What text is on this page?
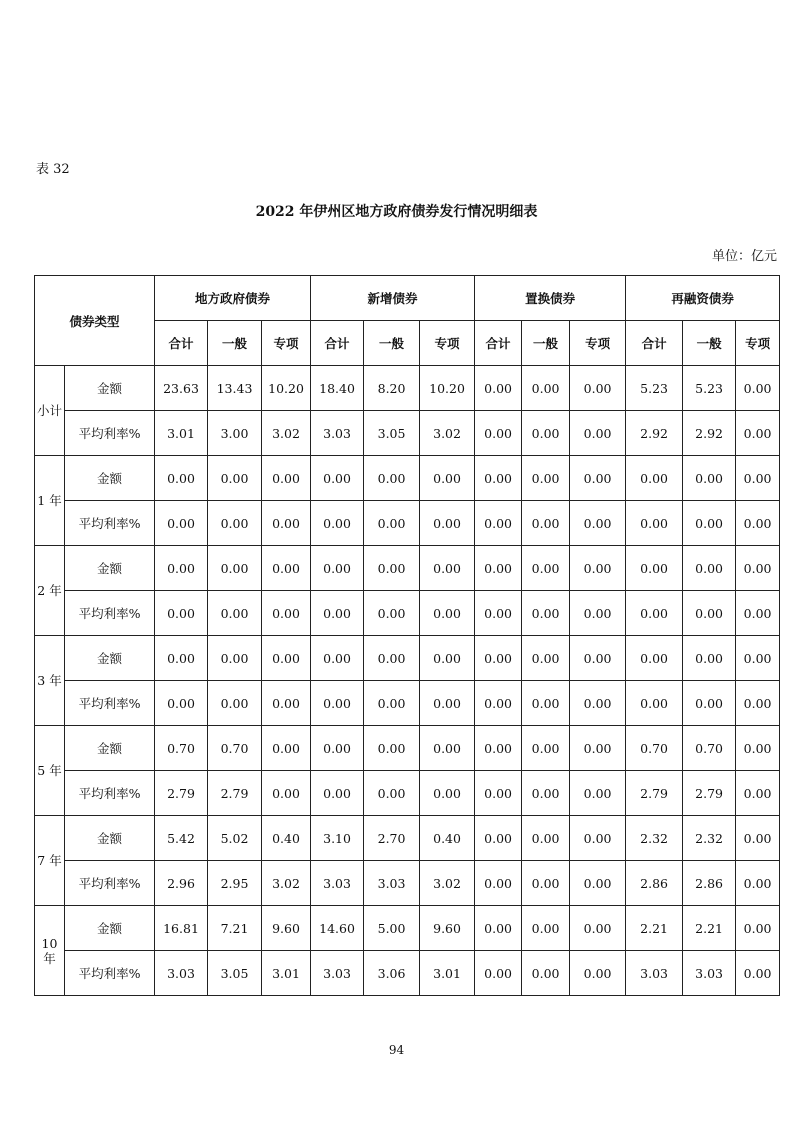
表 32
2022 年伊州区地方政府债券发行情况明细表
单位：亿元
债券类型		地方政府债券			新增债券			置换债券			再融资债券		
		合计	一般	专项	合计	一般	专项	合计	一般	专项	合计	一般	专项
小计	金额	23.63	13.43	10.20	18.40	8.20	10.20	0.00	0.00	0.00	5.23	5.23	0.00
	平均利率%	3.01	3.00	3.02	3.03	3.05	3.02	0.00	0.00	0.00	2.92	2.92	0.00
1 年	金额	0.00	0.00	0.00	0.00	0.00	0.00	0.00	0.00	0.00	0.00	0.00	0.00
	平均利率%	0.00	0.00	0.00	0.00	0.00	0.00	0.00	0.00	0.00	0.00	0.00	0.00
2 年	金额	0.00	0.00	0.00	0.00	0.00	0.00	0.00	0.00	0.00	0.00	0.00	0.00
	平均利率%	0.00	0.00	0.00	0.00	0.00	0.00	0.00	0.00	0.00	0.00	0.00	0.00
3 年	金额	0.00	0.00	0.00	0.00	0.00	0.00	0.00	0.00	0.00	0.00	0.00	0.00
	平均利率%	0.00	0.00	0.00	0.00	0.00	0.00	0.00	0.00	0.00	0.00	0.00	0.00
5 年	金额	0.70	0.70	0.00	0.00	0.00	0.00	0.00	0.00	0.00	0.70	0.70	0.00
	平均利率%	2.79	2.79	0.00	0.00	0.00	0.00	0.00	0.00	0.00	2.79	2.79	0.00
7 年	金额	5.42	5.02	0.40	3.10	2.70	0.40	0.00	0.00	0.00	2.32	2.32	0.00
	平均利率%	2.96	2.95	3.02	3.03	3.03	3.02	0.00	0.00	0.00	2.86	2.86	0.00
10 年	金额	16.81	7.21	9.60	14.60	5.00	9.60	0.00	0.00	0.00	2.21	2.21	0.00
	平均利率%	3.03	3.05	3.01	3.03	3.06	3.01	0.00	0.00	0.00	3.03	3.03	0.00
94
